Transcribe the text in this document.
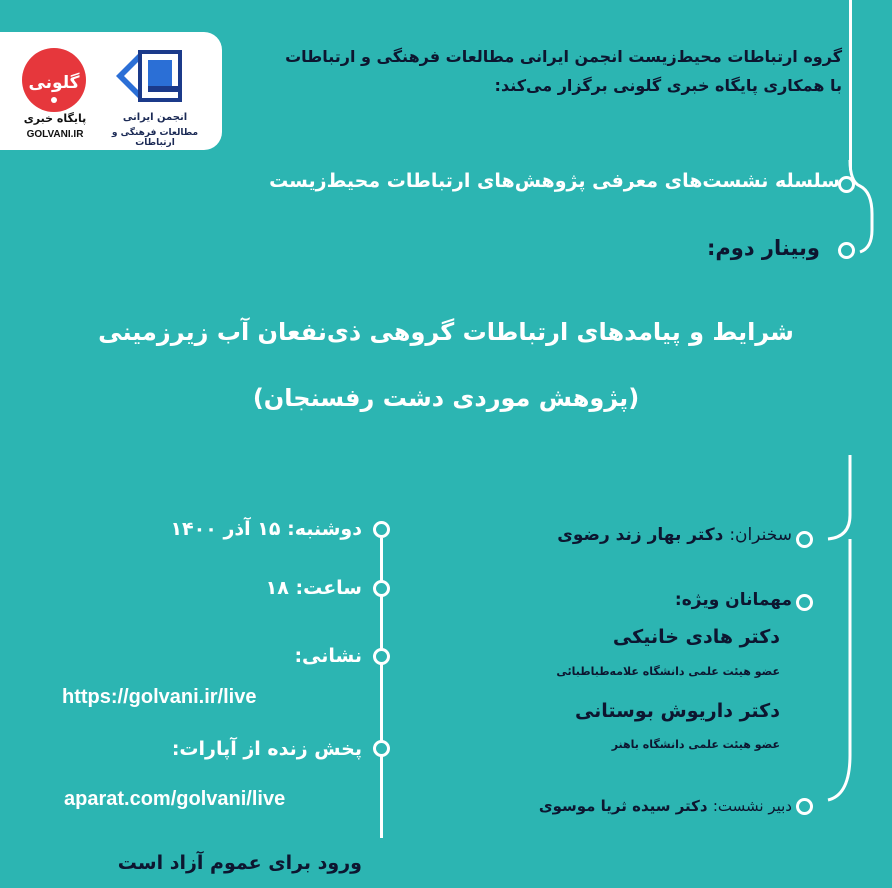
گلونی
پایگاه خبری
GOLVANI.IR
انجمن ایرانی
مطالعات فرهنگی و ارتباطات
گروه ارتباطات محیط‌زیست انجمن ایرانی مطالعات فرهنگی و ارتباطات
با همکاری پایگاه خبری گلونی برگزار می‌کند:
سلسله نشست‌های معرفی پژوهش‌های ارتباطات محیط‌زیست
وبینار دوم:
شرایط و پیامدهای ارتباطات گروهی ذی‌نفعان آب زیرزمینی
(پژوهش موردی دشت رفسنجان)
سخنران: دکتر بهار زند رضوی
مهمانان ویژه:
دکتر هادی خانیکی
عضو هیئت علمی دانشگاه علامه‌طباطبائی
دکتر داریوش بوستانی
عضو هیئت علمی دانشگاه باهنر
دبیر نشست: دکتر سیده ثریا موسوی
دوشنبه: ۱۵ آذر ۱۴۰۰
ساعت: ۱۸
نشانی:
https://golvani.ir/live
پخش زنده از آپارات:
aparat.com/golvani/live
ورود برای عموم آزاد است
